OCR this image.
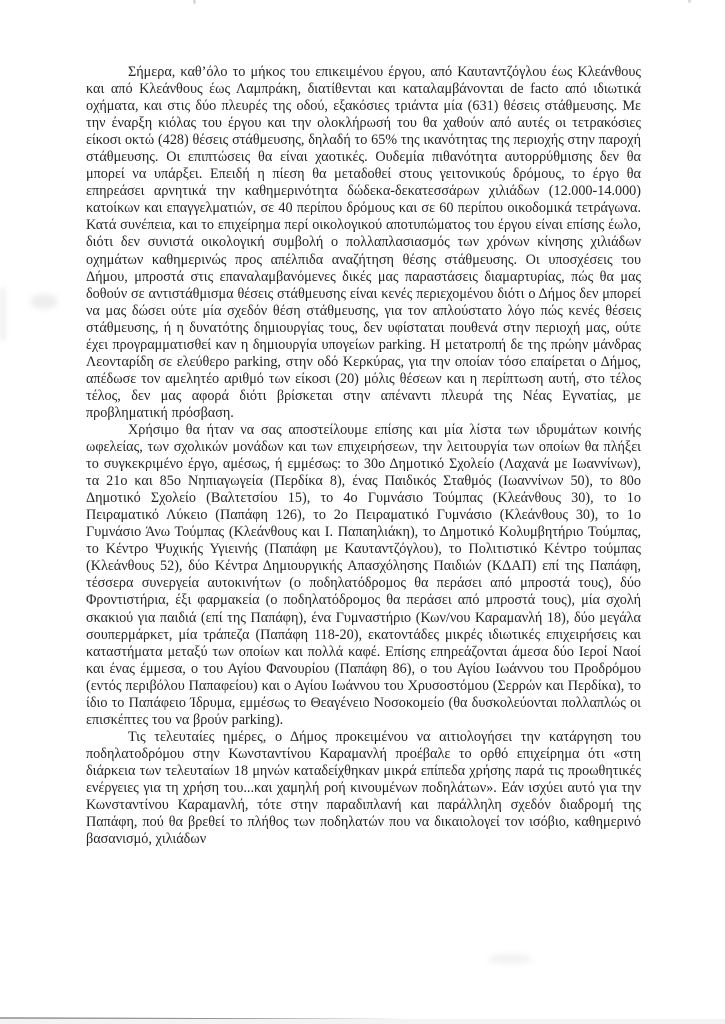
Σήμερα, καθ’όλο το μήκος του επικειμένου έργου, από Καυταντζόγλου έως Κλεάνθους και από Κλεάνθους έως Λαμπράκη, διατίθενται και καταλαμβάνονται de facto από ιδιωτικά οχήματα, και στις δύο πλευρές της οδού, εξακόσιες τριάντα μία (631) θέσεις στάθμευσης. Με την έναρξη κιόλας του έργου και την ολοκλήρωσή του θα χαθούν από αυτές οι τετρακόσιες είκοσι οκτώ (428) θέσεις στάθμευσης, δηλαδή το 65% της ικανότητας της περιοχής στην παροχή στάθμευσης. Οι επιπτώσεις θα είναι χαοτικές. Ουδεμία πιθανότητα αυτορρύθμισης δεν θα μπορεί να υπάρξει. Επειδή η πίεση θα μεταδοθεί στους γειτονικούς δρόμους, το έργο θα επηρεάσει αρνητικά την καθημερινότητα δώδεκα-δεκατεσσάρων χιλιάδων (12.000-14.000) κατοίκων και επαγγελματιών, σε 40 περίπου δρόμους και σε 60 περίπου οικοδομικά τετράγωνα. Κατά συνέπεια, και το επιχείρημα περί οικολογικού αποτυπώματος του έργου είναι επίσης έωλο, διότι δεν συνιστά οικολογική συμβολή ο πολλαπλασιασμός των χρόνων κίνησης χιλιάδων οχημάτων καθημερινώς προς απέλπιδα αναζήτηση θέσης στάθμευσης. Οι υποσχέσεις του Δήμου, μπροστά στις επαναλαμβανόμενες δικές μας παραστάσεις διαμαρτυρίας, πώς θα μας δοθούν σε αντιστάθμισμα θέσεις στάθμευσης είναι κενές περιεχομένου διότι ο Δήμος δεν μπορεί να μας δώσει ούτε μία σχεδόν θέση στάθμευσης, για τον απλούστατο λόγο πώς κενές θέσεις στάθμευσης, ή η δυνατότης δημιουργίας τους, δεν υφίσταται πουθενά στην περιοχή μας, ούτε έχει προγραμματισθεί καν η δημιουργία υπογείων parking. Η μετατροπή δε της πρώην μάνδρας Λεονταρίδη σε ελεύθερο parking, στην οδό Κερκύρας, για την οποίαν τόσο επαίρεται ο Δήμος, απέδωσε τον αμελητέο αριθμό των είκοσι (20) μόλις θέσεων και η περίπτωση αυτή, στο τέλος τέλος, δεν μας αφορά διότι βρίσκεται στην απέναντι πλευρά της Νέας Εγνατίας, με προβληματική πρόσβαση.

Χρήσιμο θα ήταν να σας αποστείλουμε επίσης και μία λίστα των ιδρυμάτων κοινής ωφελείας, των σχολικών μονάδων και των επιχειρήσεων, την λειτουργία των οποίων θα πλήξει το συγκεκριμένο έργο, αμέσως, ή εμμέσως: το 30ο Δημοτικό Σχολείο (Λαχανά με Ιωαννίνων), τα 21ο και 85ο Νηπιαγωγεία (Περδίκα 8), ένας Παιδικός Σταθμός (Ιωαννίνων 50), το 80ο Δημοτικό Σχολείο (Βαλτετσίου 15), το 4ο Γυμνάσιο Τούμπας (Κλεάνθους 30), το 1ο Πειραματικό Λύκειο (Παπάφη 126), το 2ο Πειραματικό Γυμνάσιο (Κλεάνθους 30), το 1ο Γυμνάσιο Άνω Τούμπας (Κλεάνθους και Ι. Παπαηλιάκη), το Δημοτικό Κολυμβητήριο Τούμπας, το Κέντρο Ψυχικής Υγιεινής (Παπάφη με Καυταντζόγλου), το Πολιτιστικό Κέντρο τούμπας (Κλεάνθους 52), δύο Κέντρα Δημιουργικής Απασχόλησης Παιδιών (ΚΔΑΠ) επί της Παπάφη, τέσσερα συνεργεία αυτοκινήτων (ο ποδηλατόδρομος θα περάσει από μπροστά τους), δύο Φροντιστήρια, έξι φαρμακεία (ο ποδηλατόδρομος θα περάσει από μπροστά τους), μία σχολή σκακιού για παιδιά (επί της Παπάφη), ένα Γυμναστήριο (Κων/νου Καραμανλή 18), δύο μεγάλα σουπερμάρκετ, μία τράπεζα (Παπάφη 118-20), εκατοντάδες μικρές ιδιωτικές επιχειρήσεις και καταστήματα μεταξύ των οποίων και πολλά καφέ. Επίσης επηρεάζονται άμεσα δύο Ιεροί Ναοί και ένας έμμεσα, ο του Αγίου Φανουρίου (Παπάφη 86), ο του Αγίου Ιωάννου του Προδρόμου (εντός περιβόλου Παπαφείου) και ο Αγίου Ιωάννου του Χρυσοστόμου (Σερρών και Περδίκα), το ίδιο το Παπάφειο Ίδρυμα, εμμέσως το Θεαγένειο Νοσοκομείο (θα δυσκολεύονται πολλαπλώς οι επισκέπτες του να βρούν parking).

Τις τελευταίες ημέρες, ο Δήμος προκειμένου να αιτιολογήσει την κατάργηση του ποδηλατοδρόμου στην Κωνσταντίνου Καραμανλή προέβαλε το ορθό επιχείρημα ότι «στη διάρκεια των τελευταίων 18 μηνών καταδείχθηκαν μικρά επίπεδα χρήσης παρά τις προωθητικές ενέργειες για τη χρήση του...και χαμηλή ροή κινουμένων ποδηλάτων». Εάν ισχύει αυτό για την Κωνσταντίνου Καραμανλή, τότε στην παραδιπλανή και παράλληλη σχεδόν διαδρομή της Παπάφη, πού θα βρεθεί το πλήθος των ποδηλατών που να δικαιολογεί τον ισόβιο, καθημερινό βασανισμό, χιλιάδων
